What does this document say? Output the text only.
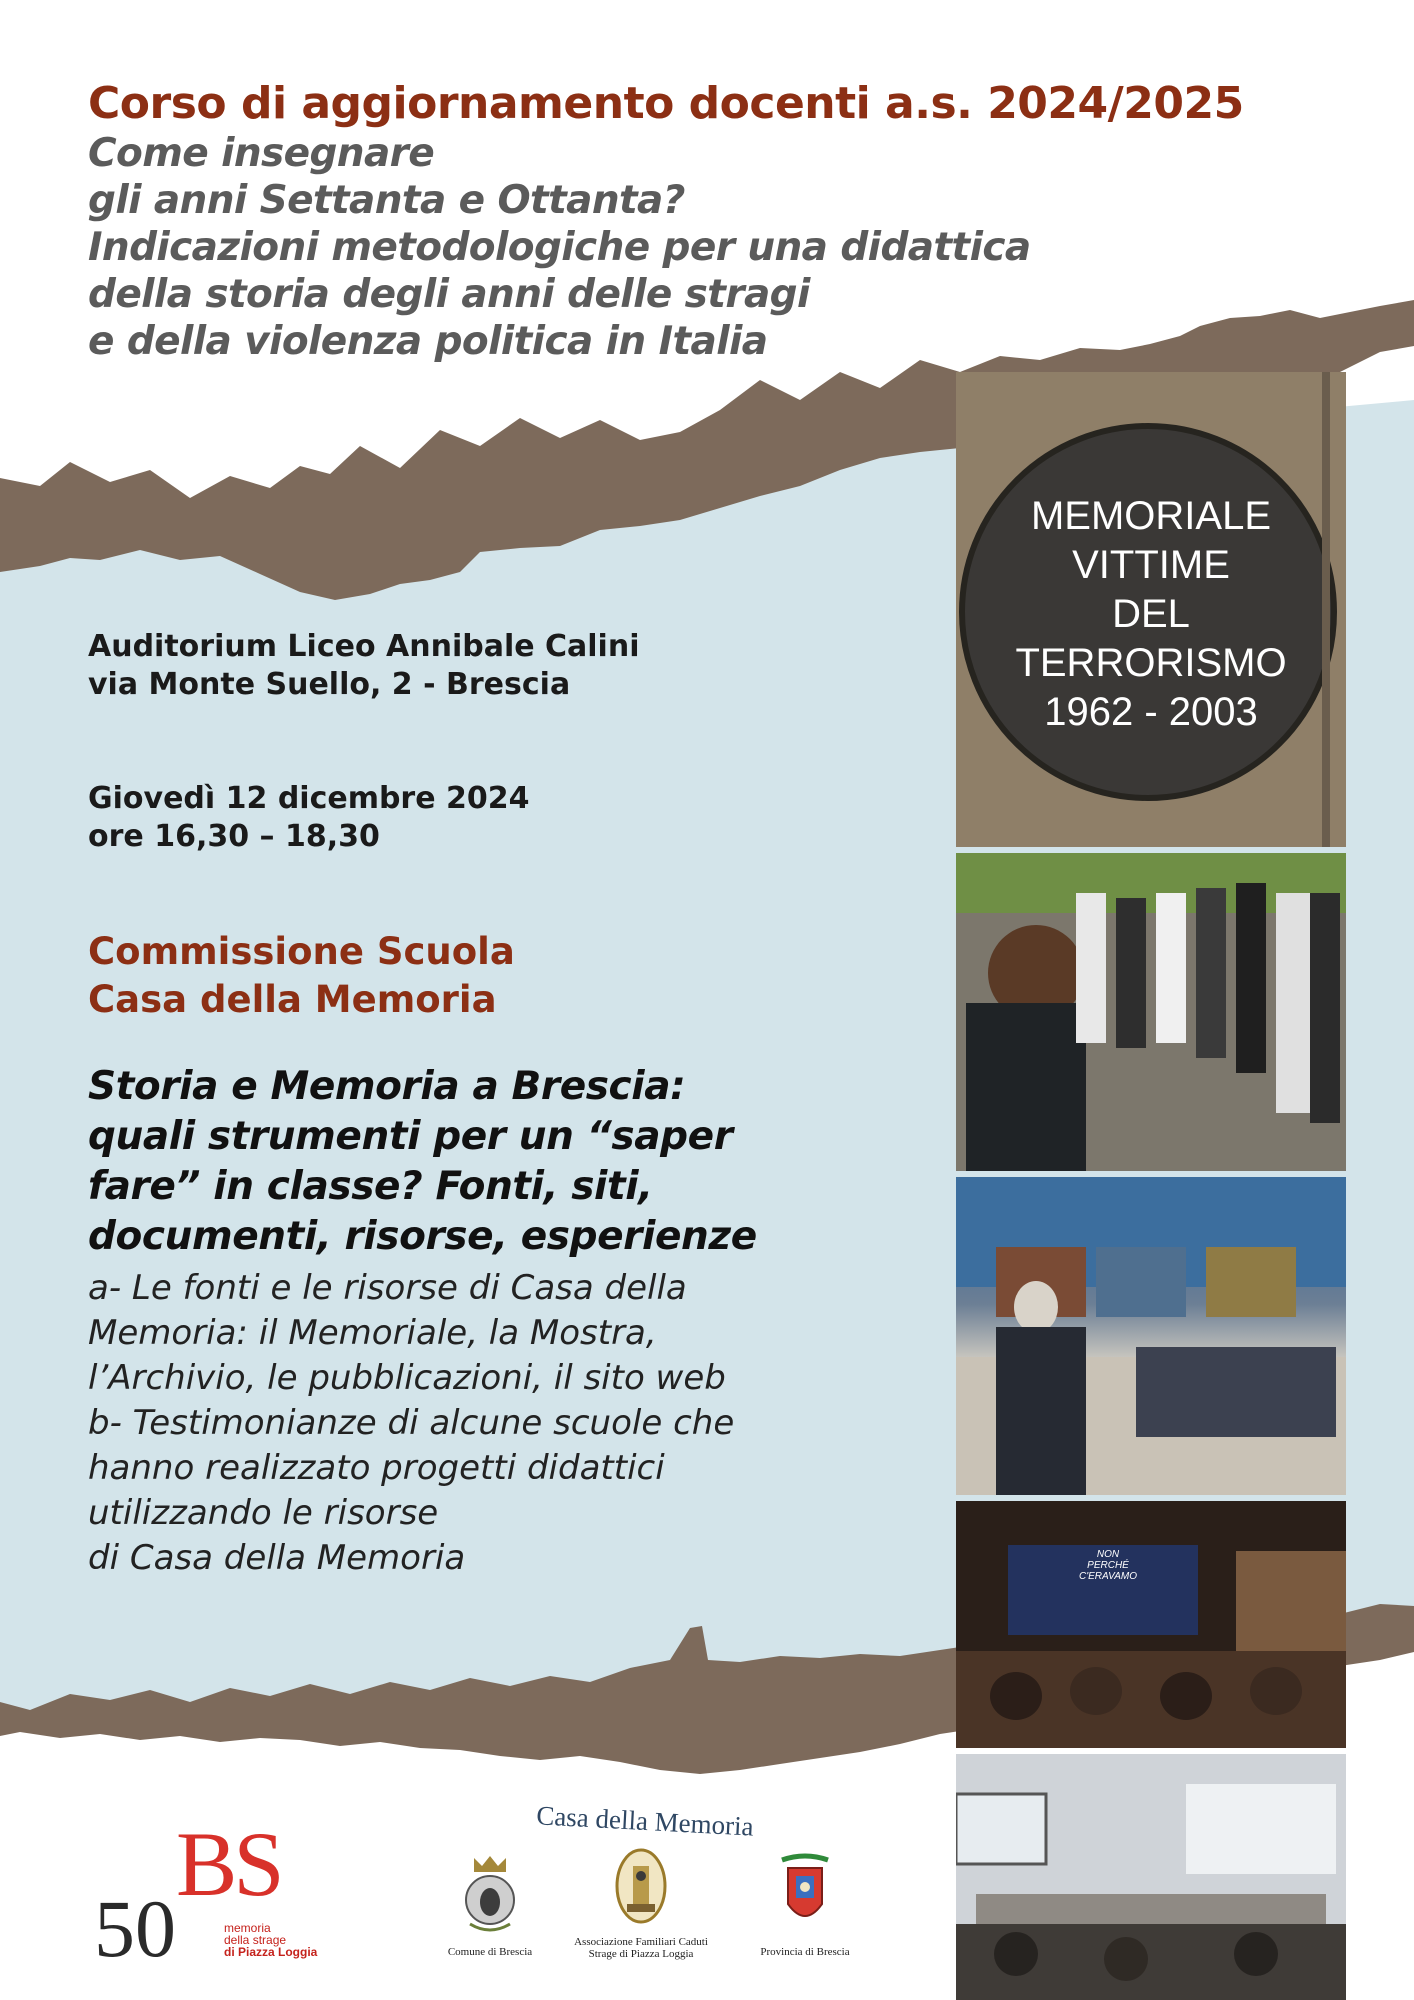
Corso di aggiornamento docenti a.s. 2024/2025
Come insegnare
gli anni Settanta e Ottanta?
Indicazioni metodologiche per una didattica
della storia degli anni delle stragi
e della violenza politica in Italia
Auditorium Liceo Annibale Calini
via Monte Suello, 2 - Brescia
Giovedì 12 dicembre 2024
ore 16,30 – 18,30
Commissione Scuola
Casa della Memoria
Storia e Memoria a Brescia:
quali strumenti per un “saper
fare” in classe? Fonti, siti,
documenti, risorse, esperienze
a- Le fonti e le risorse di Casa della
Memoria: il Memoriale, la Mostra,
l’Archivio, le pubblicazioni, il sito web
b- Testimonianze di alcune scuole che
hanno realizzato progetti didattici
utilizzando le risorse
di Casa della Memoria
MEMORIALE
VITTIME
DEL
TERRORISMO
1962 - 2003
NON
PERCHÉ
C'ERAVAMO
BS
50	memoria
della strage
di Piazza Loggia
Casa della Memoria
Comune di Brescia
Associazione Familiari Caduti
Strage di Piazza Loggia	Provincia di Brescia
